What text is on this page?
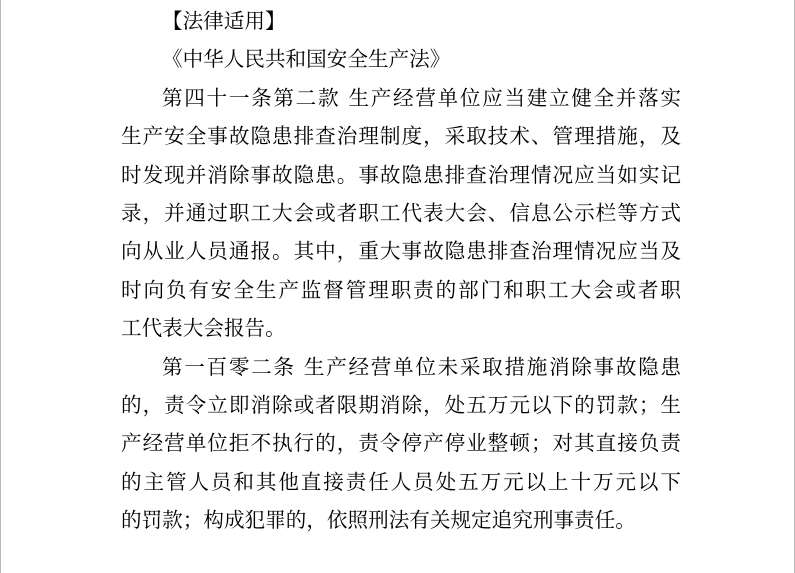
【法律适用】
《中华人民共和国安全生产法》
第四十一条第二款 生产经营单位应当建立健全并落实
生产安全事故隐患排查治理制度，采取技术、管理措施，及
时发现并消除事故隐患。事故隐患排查治理情况应当如实记
录，并通过职工大会或者职工代表大会、信息公示栏等方式
向从业人员通报。其中，重大事故隐患排查治理情况应当及
时向负有安全生产监督管理职责的部门和职工大会或者职
工代表大会报告。
第一百零二条 生产经营单位未采取措施消除事故隐患
的，责令立即消除或者限期消除，处五万元以下的罚款；生
产经营单位拒不执行的，责令停产停业整顿；对其直接负责
的主管人员和其他直接责任人员处五万元以上十万元以下
的罚款；构成犯罪的，依照刑法有关规定追究刑事责任。
